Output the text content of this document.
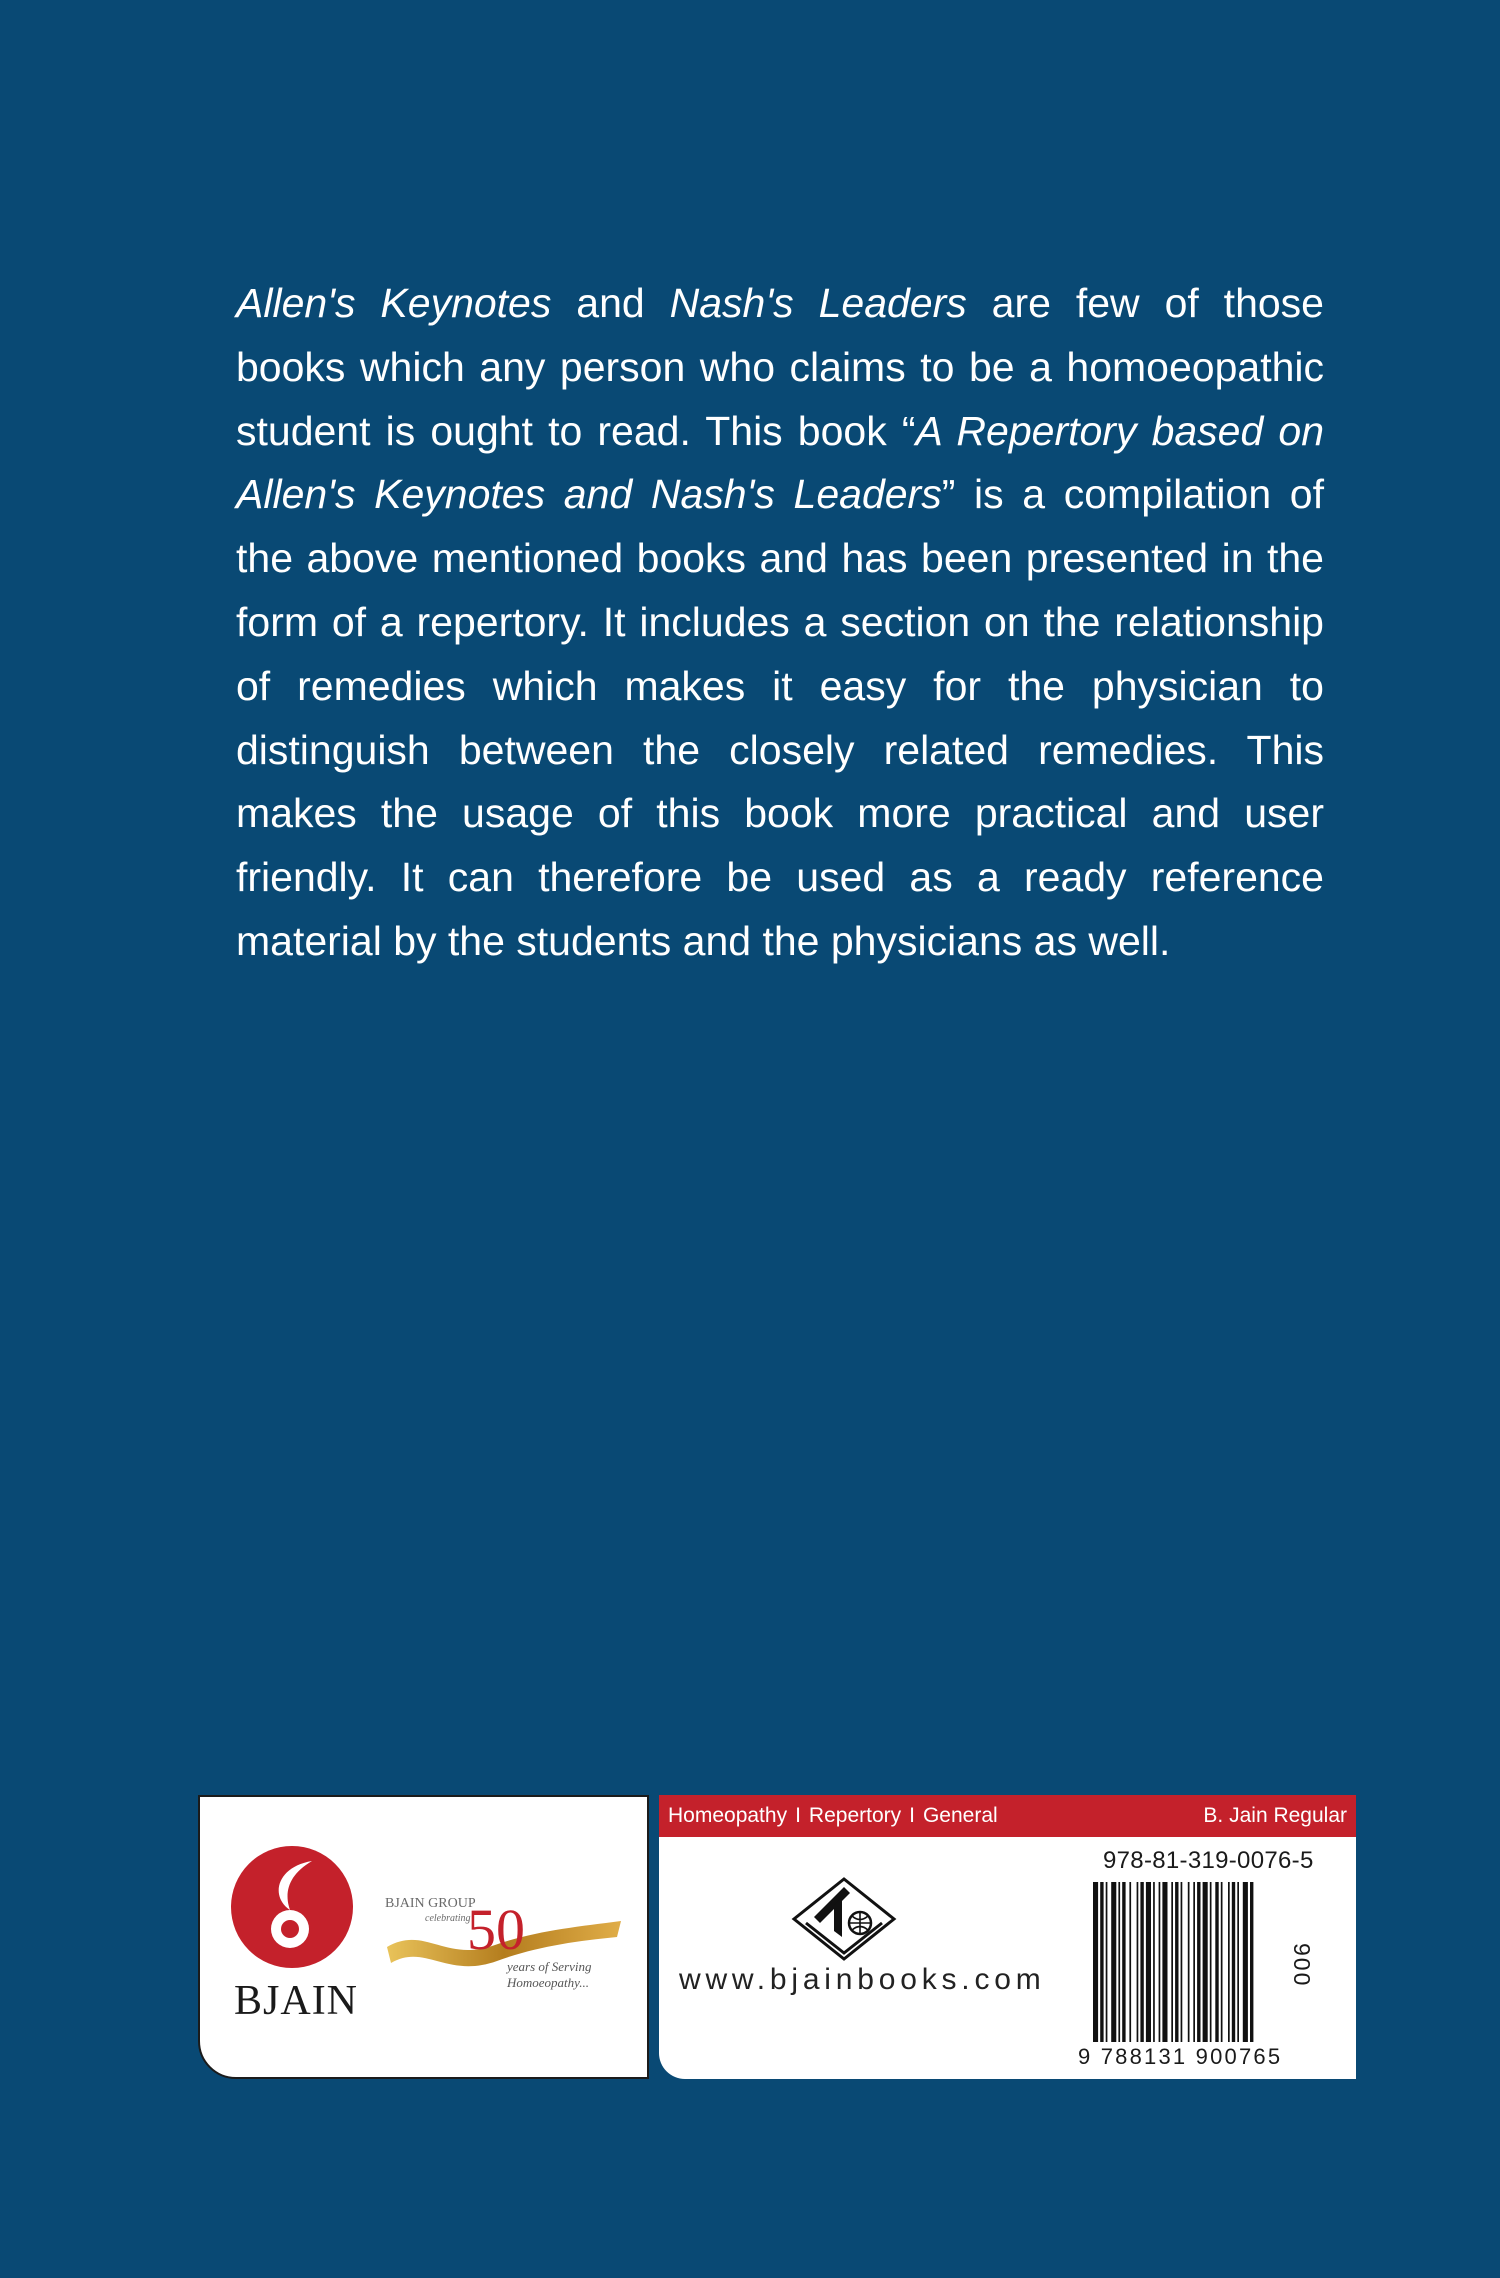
Allen's Keynotes and Nash's Leaders are few of those books which any person who claims to be a homoeopathic student is ought to read. This book “A Repertory based on Allen's Keynotes and Nash's Leaders” is a compilation of the above mentioned books and has been presented in the form of a repertory. It includes a section on the relationship of remedies which makes it easy for the physician to distinguish between the closely related remedies. This makes the usage of this book more practical and user friendly. It can therefore be used as a ready reference material by the students and the physicians as well.

BJAIN
BJAIN GROUP
celebrating
50
years of Serving
Homoeopathy...
Homeopathy I Repertory I General	B. Jain Regular
www.bjainbooks.com
978-81-319-0076-5
9 788131 900765
900
